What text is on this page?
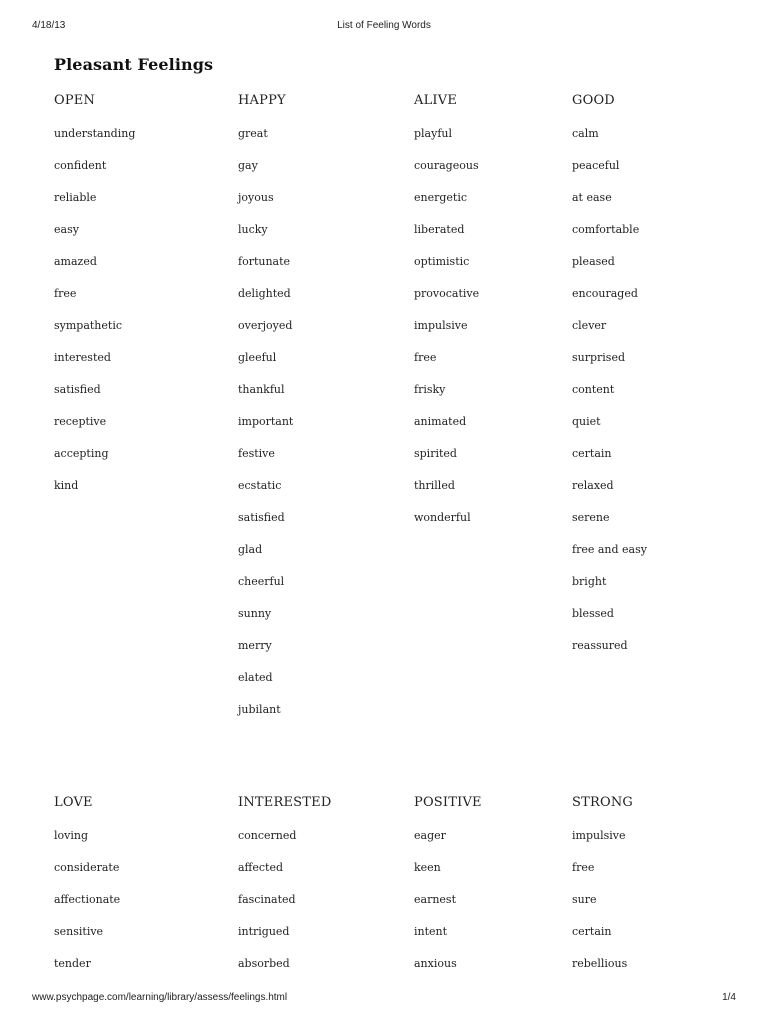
4/18/13	List of Feeling Words
Pleasant Feelings
OPEN
understanding
confident
reliable
easy
amazed
free
sympathetic
interested
satisfied
receptive
accepting
kind
HAPPY
great
gay
joyous
lucky
fortunate
delighted
overjoyed
gleeful
thankful
important
festive
ecstatic
satisfied
glad
cheerful
sunny
merry
elated
jubilant
ALIVE
playful
courageous
energetic
liberated
optimistic
provocative
impulsive
free
frisky
animated
spirited
thrilled
wonderful
GOOD
calm
peaceful
at ease
comfortable
pleased
encouraged
clever
surprised
content
quiet
certain
relaxed
serene
free and easy
bright
blessed
reassured
LOVE
loving
considerate
affectionate
sensitive
tender
INTERESTED
concerned
affected
fascinated
intrigued
absorbed
POSITIVE
eager
keen
earnest
intent
anxious
STRONG
impulsive
free
sure
certain
rebellious
www.psychpage.com/learning/library/assess/feelings.html	1/4
